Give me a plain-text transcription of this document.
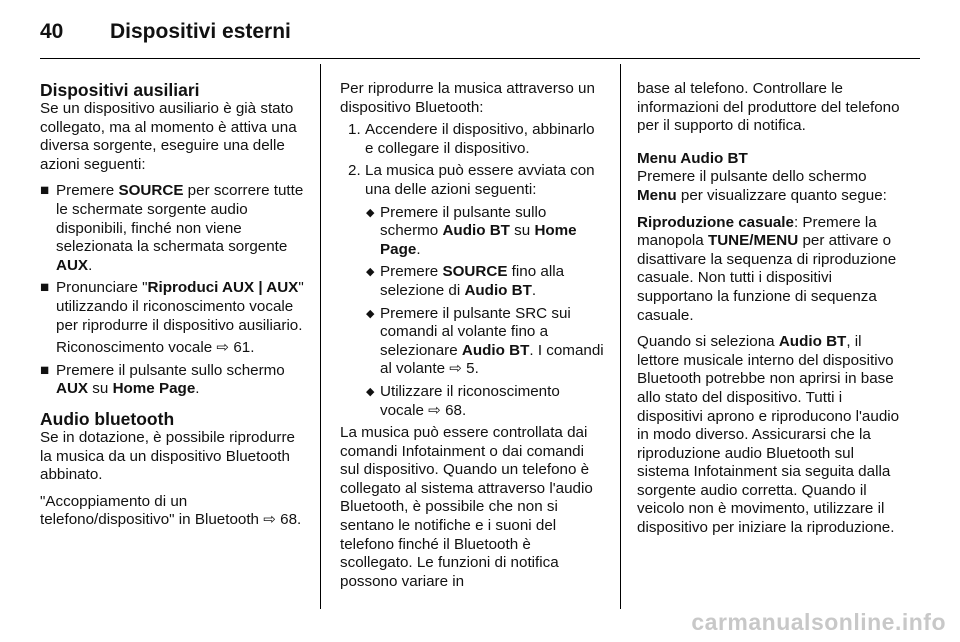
40	Dispositivi esterni
Dispositivi ausiliari

Se un dispositivo ausiliario è già stato collegato, ma al momento è attiva una diversa sorgente, eseguire una delle azioni seguenti:

■ Premere SOURCE per scorrere tutte le schermate sorgente audio disponibili, finché non viene selezionata la schermata sorgente AUX.
■ Pronunciare "Riproduci AUX | AUX" utilizzando il riconoscimento vocale per riprodurre il dispositivo ausiliario.
Riconoscimento vocale ⇨ 61.
■ Premere il pulsante sullo schermo AUX su Home Page.
Audio bluetooth

Se in dotazione, è possibile riprodurre la musica da un dispositivo Bluetooth abbinato.

"Accoppiamento di un telefono/dispositivo" in Bluetooth ⇨ 68.

Per riprodurre la musica attraverso un dispositivo Bluetooth:

1. Accendere il dispositivo, abbinarlo e collegare il dispositivo.
2. La musica può essere avviata con una delle azioni seguenti:
◆ Premere il pulsante sullo schermo Audio BT su Home Page.
◆ Premere SOURCE fino alla selezione di Audio BT.
◆ Premere il pulsante SRC sui comandi al volante fino a selezionare Audio BT. I comandi al volante ⇨ 5.
◆ Utilizzare il riconoscimento vocale ⇨ 68.

La musica può essere controllata dai comandi Infotainment o dai comandi sul dispositivo. Quando un telefono è collegato al sistema attraverso l'audio Bluetooth, è possibile che non si sentano le notifiche e i suoni del telefono finché il Bluetooth è scollegato. Le funzioni di notifica possono variare in

base al telefono. Controllare le informazioni del produttore del telefono per il supporto di notifica.

Menu Audio BT

Premere il pulsante dello schermo Menu per visualizzare quanto segue:

Riproduzione casuale: Premere la manopola TUNE/MENU per attivare o disattivare la sequenza di riproduzione casuale. Non tutti i dispositivi supportano la funzione di sequenza casuale.

Quando si seleziona Audio BT, il lettore musicale interno del dispositivo Bluetooth potrebbe non aprirsi in base allo stato del dispositivo. Tutti i dispositivi aprono e riproducono l'audio in modo diverso. Assicurarsi che la riproduzione audio Bluetooth sul sistema Infotainment sia seguita dalla sorgente audio corretta. Quando il veicolo non è movimento, utilizzare il dispositivo per iniziare la riproduzione.

carmanualsonline.info
